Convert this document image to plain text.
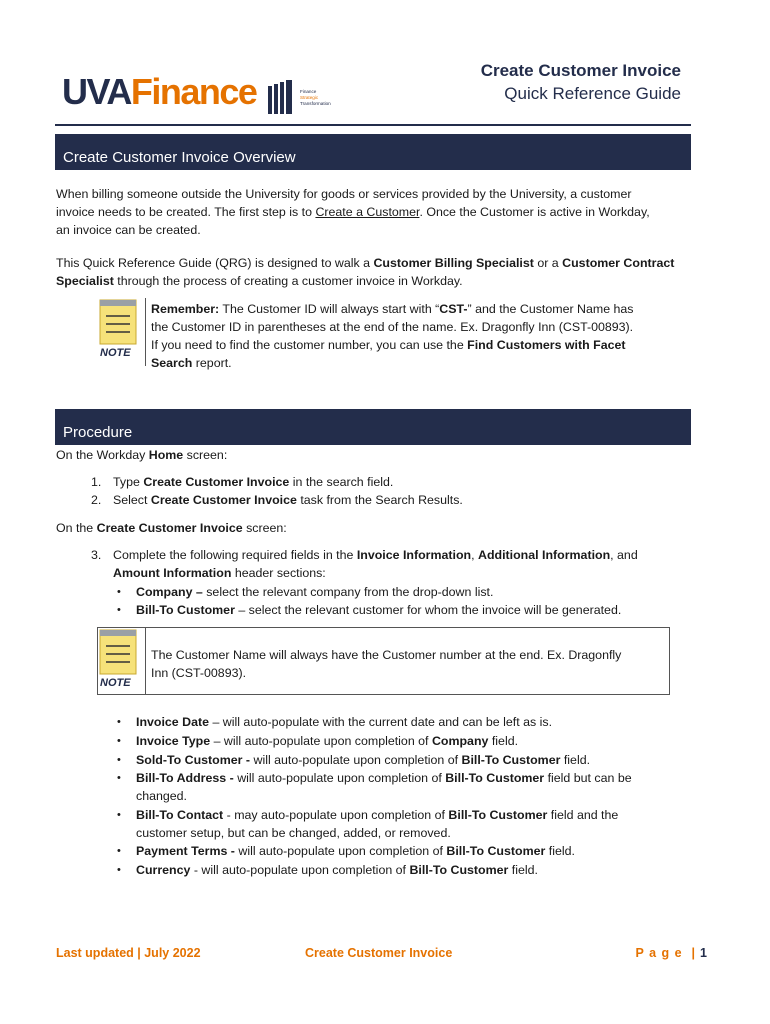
UVAFinance	Finance
Strategic
Transformation
Create Customer Invoice
Quick Reference Guide
Create Customer Invoice Overview

When billing someone outside the University for goods or services provided by the University, a customer
invoice needs to be created. The first step is to Create a Customer. Once the Customer is active in Workday,
an invoice can be created.

This Quick Reference Guide (QRG) is designed to walk a Customer Billing Specialist or a Customer Contract
Specialist through the process of creating a customer invoice in Workday.

NOTE
Remember: The Customer ID will always start with “CST-” and the Customer Name has
the Customer ID in parentheses at the end of the name. Ex. Dragonfly Inn (CST-00893).
If you need to find the customer number, you can use the Find Customers with Facet
Search report.
Procedure

On the Workday Home screen:

1. Type Create Customer Invoice in the search field.
2. Select Create Customer Invoice task from the Search Results.

On the Create Customer Invoice screen:

3. Complete the following required fields in the Invoice Information, Additional Information, and
Amount Information header sections:
• Company – select the relevant company from the drop-down list.
• Bill-To Customer – select the relevant customer for whom the invoice will be generated.
NOTE
The Customer Name will always have the Customer number at the end. Ex. Dragonfly
Inn (CST-00893).
• Invoice Date – will auto-populate with the current date and can be left as is.
• Invoice Type – will auto-populate upon completion of Company field.
• Sold-To Customer - will auto-populate upon completion of Bill-To Customer field.
•	Bill-To Address - will auto-populate upon completion of Bill-To Customer field but can be
changed.
•	Bill-To Contact - may auto-populate upon completion of Bill-To Customer field and the
customer setup, but can be changed, added, or removed.
• Payment Terms - will auto-populate upon completion of Bill-To Customer field.
• Currency - will auto-populate upon completion of Bill-To Customer field.
Last updated | July 2022	Create Customer Invoice	P a g e  | 1
